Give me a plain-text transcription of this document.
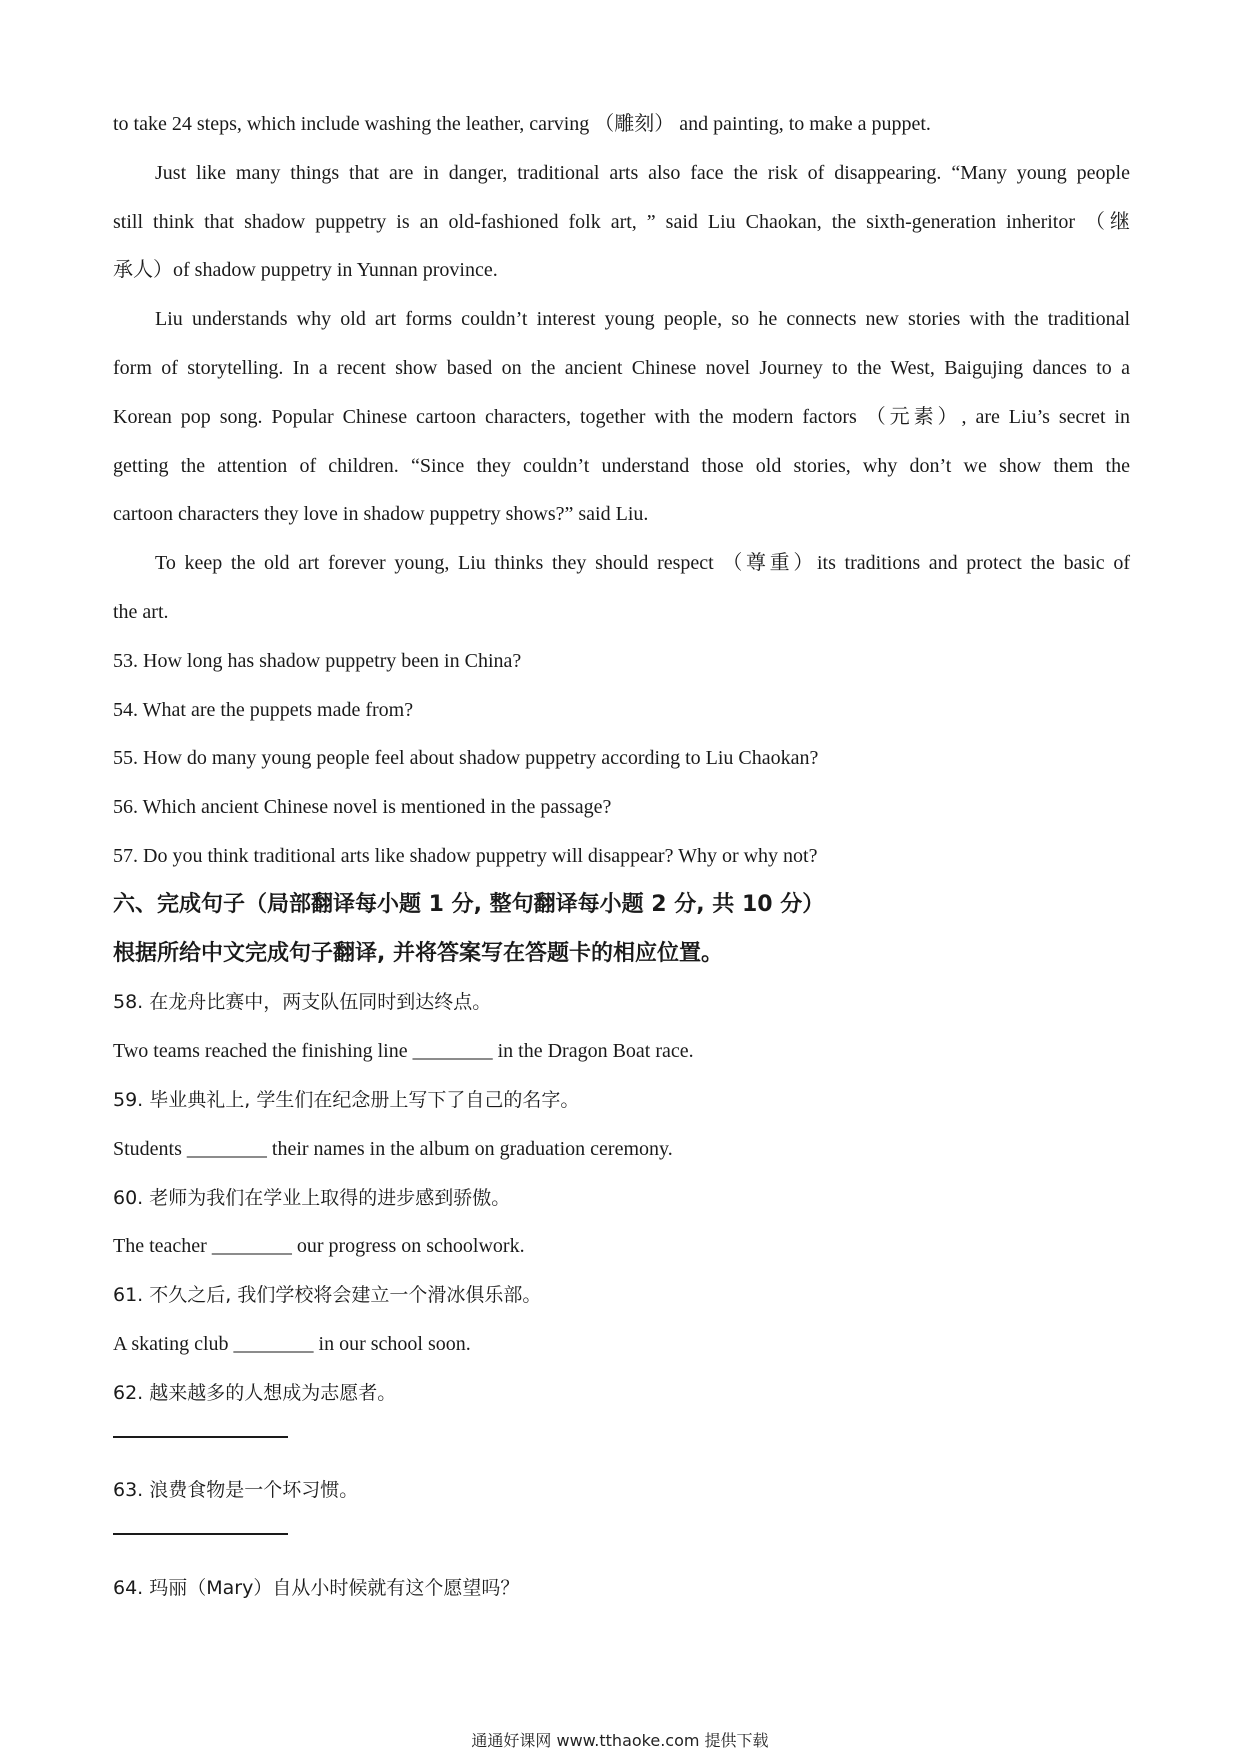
to take 24 steps, which include washing the leather, carving （雕刻） and painting, to make a puppet.
Just like many things that are in danger, traditional arts also face the risk of disappearing. “Many young people
still think that shadow puppetry is an old-fashioned folk art, ” said Liu Chaokan, the sixth-generation inheritor （继
承人）of shadow puppetry in Yunnan province.
Liu understands why old art forms couldn’t interest young people, so he connects new stories with the traditional
form of storytelling. In a recent show based on the ancient Chinese novel Journey to the West, Baigujing dances to a
Korean pop song. Popular Chinese cartoon characters, together with the modern factors （元素）, are Liu’s secret in
getting the attention of children. “Since they couldn’t understand those old stories, why don’t we show them the
cartoon characters they love in shadow puppetry shows?” said Liu.
To keep the old art forever young, Liu thinks they should respect （尊重）its traditions and protect the basic of
the art.
53. How long has shadow puppetry been in China?
54. What are the puppets made from?
55. How do many young people feel about shadow puppetry according to Liu Chaokan?
56. Which ancient Chinese novel is mentioned in the passage?
57. Do you think traditional arts like shadow puppetry will disappear? Why or why not?
六、完成句子（局部翻译每小题 1 分, 整句翻译每小题 2 分, 共 10 分）
根据所给中文完成句子翻译, 并将答案写在答题卡的相应位置。
58. 在龙舟比赛中，两支队伍同时到达终点。
Two teams reached the finishing line ________ in the Dragon Boat race.
59. 毕业典礼上, 学生们在纪念册上写下了自己的名字。
Students ________ their names in the album on graduation ceremony.
60. 老师为我们在学业上取得的进步感到骄傲。
The teacher ________ our progress on schoolwork.
61. 不久之后, 我们学校将会建立一个滑冰俱乐部。
A skating club ________ in our school soon.
62. 越来越多的人想成为志愿者。
63. 浪费食物是一个坏习惯。
64. 玛丽（Mary）自从小时候就有这个愿望吗？
通通好课网 www.tthaoke.com 提供下载
